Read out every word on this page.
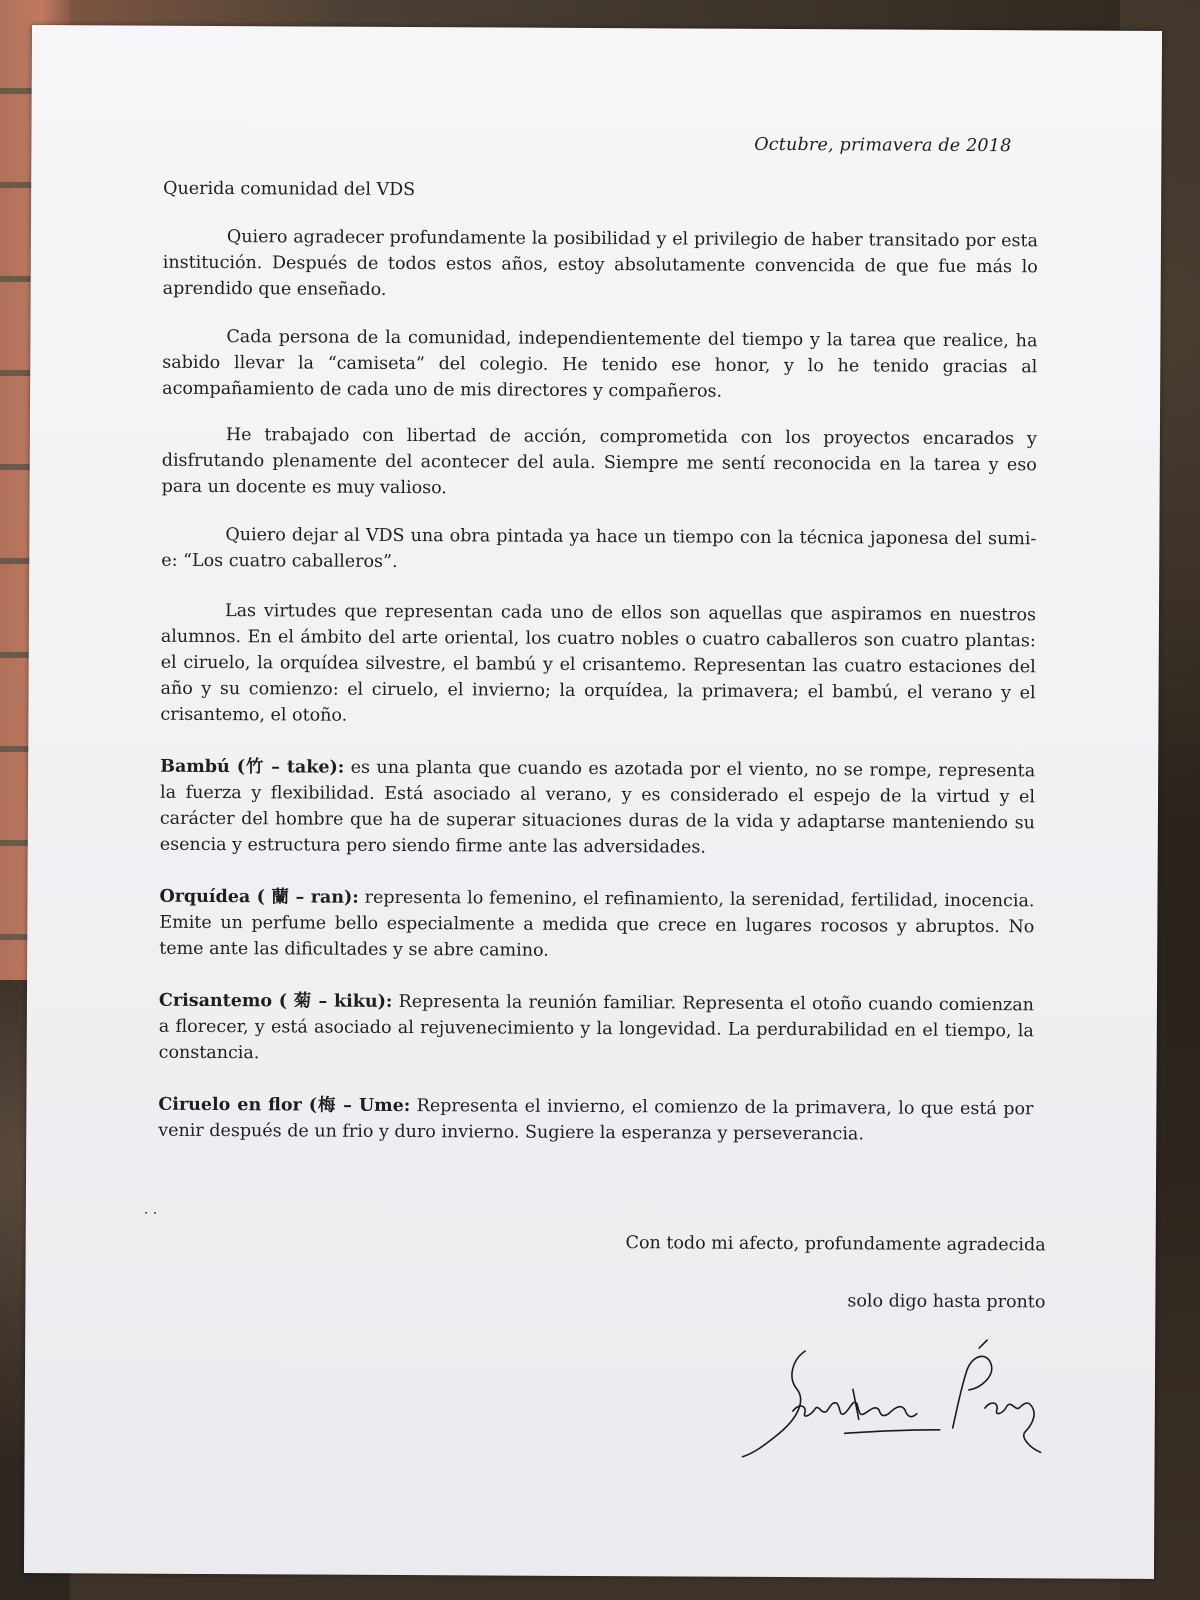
Octubre, primavera de 2018
Querida comunidad del VDS
Quiero agradecer profundamente la posibilidad y el privilegio de haber transitado por esta institución. Después de todos estos años, estoy absolutamente convencida de que fue más lo aprendido que enseñado.
Cada persona de la comunidad, independientemente del tiempo y la tarea que realice, ha sabido llevar la “camiseta” del colegio. He tenido ese honor, y lo he tenido gracias al acompañamiento de cada uno de mis directores y compañeros.
He trabajado con libertad de acción, comprometida con los proyectos encarados y disfrutando plenamente del acontecer del aula. Siempre me sentí reconocida en la tarea y eso para un docente es muy valioso.
Quiero dejar al VDS una obra pintada ya hace un tiempo con la técnica japonesa del sumi-e: “Los cuatro caballeros”.
Las virtudes que representan cada uno de ellos son aquellas que aspiramos en nuestros alumnos. En el ámbito del arte oriental, los cuatro nobles o cuatro caballeros son cuatro plantas: el ciruelo, la orquídea silvestre, el bambú y el crisantemo. Representan las cuatro estaciones del año y su comienzo: el ciruelo, el invierno; la orquídea, la primavera; el bambú, el verano y el crisantemo, el otoño.
Bambú (竹 – take): es una planta que cuando es azotada por el viento, no se rompe, representa la fuerza y flexibilidad. Está asociado al verano, y es considerado el espejo de la virtud y el carácter del hombre que ha de superar situaciones duras de la vida y adaptarse manteniendo su esencia y estructura pero siendo firme ante las adversidades.
Orquídea ( 蘭 – ran): representa lo femenino, el refinamiento, la serenidad, fertilidad, inocencia. Emite un perfume bello especialmente a medida que crece en lugares rocosos y abruptos. No teme ante las dificultades y se abre camino.
Crisantemo ( 菊 – kiku): Representa la reunión familiar. Representa el otoño cuando comienzan a florecer, y está asociado al rejuvenecimiento y la longevidad. La perdurabilidad en el tiempo, la constancia.
Ciruelo en flor (梅 – Ume: Representa el invierno, el comienzo de la primavera, lo que está por venir después de un frio y duro invierno. Sugiere la esperanza y perseverancia.
· ·
Con todo mi afecto, profundamente agradecida
solo digo hasta pronto
